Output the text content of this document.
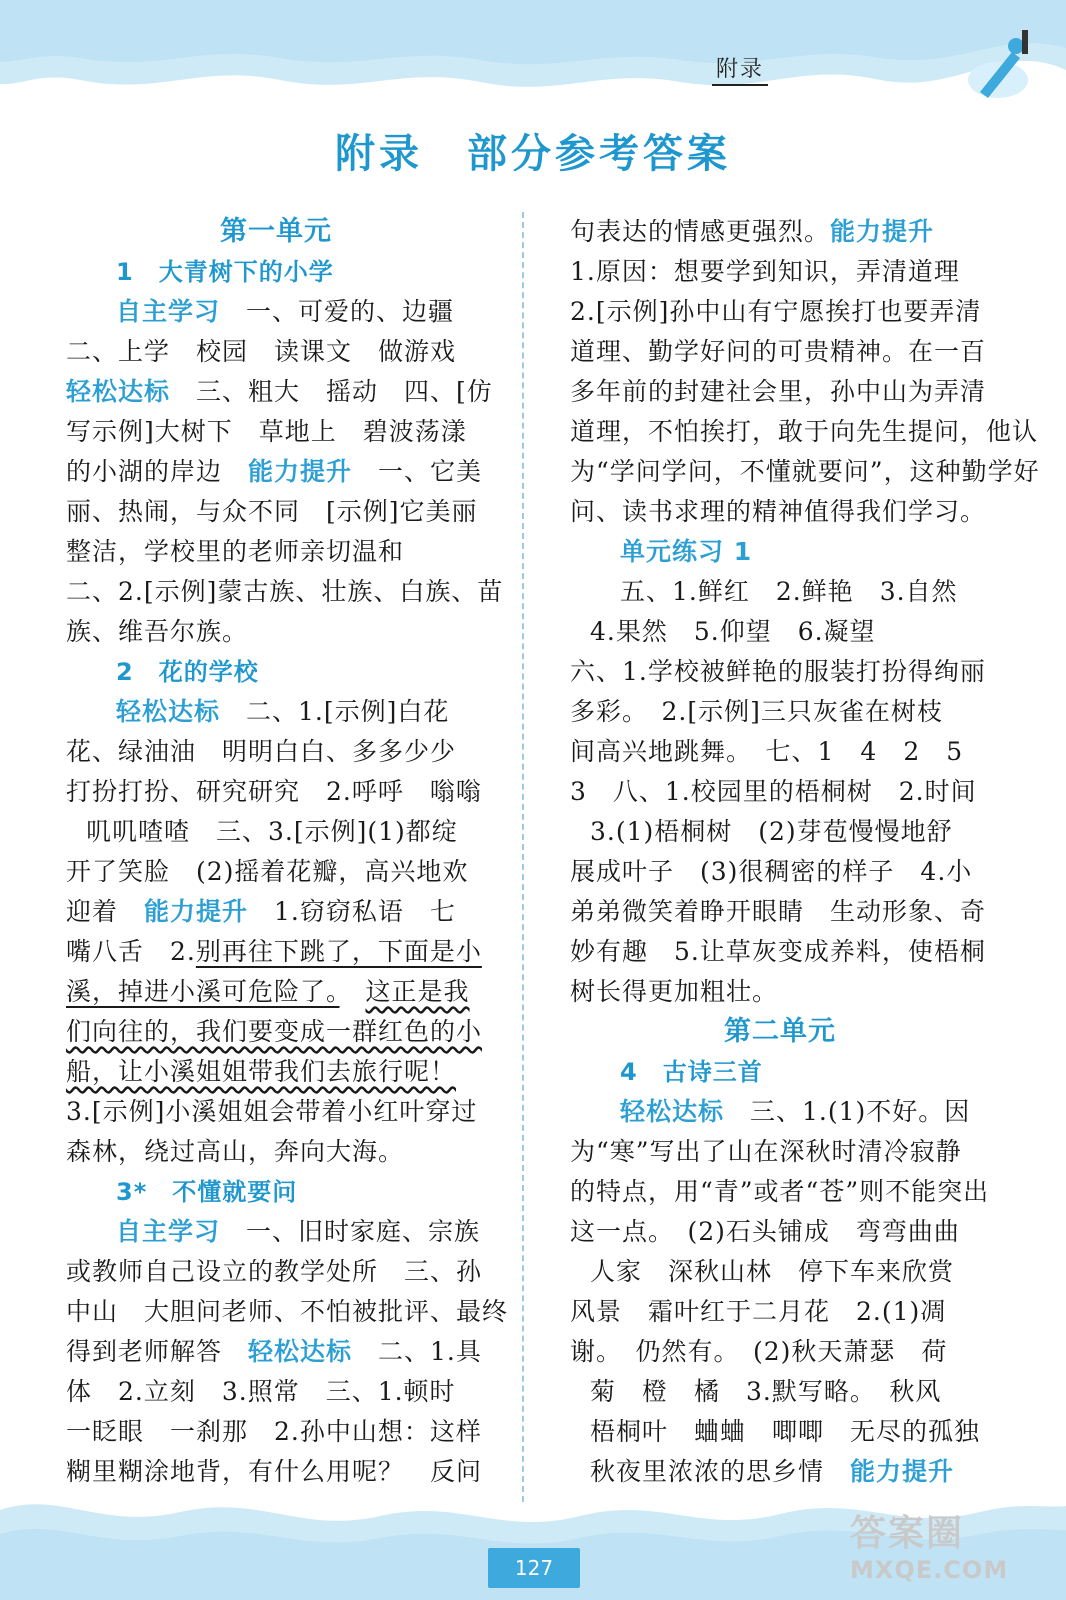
附录
附录　部分参考答案
第一单元
1　大青树下的小学
自主学习　一、可爱的、边疆
二、上学　校园　读课文　做游戏
轻松达标　三、粗大　摇动　四、[仿
写示例]大树下　草地上　碧波荡漾
的小湖的岸边　能力提升　一、它美
丽、热闹，与众不同　[示例]它美丽
整洁，学校里的老师亲切温和
二、2.[示例]蒙古族、壮族、白族、苗
族、维吾尔族。
2　花的学校
轻松达标　二、1.[示例]白花
花、绿油油　明明白白、多多少少
打扮打扮、研究研究　2.呼呼　嗡嗡
叽叽喳喳　三、3.[示例](1)都绽
开了笑脸　(2)摇着花瓣，高兴地欢
迎着　能力提升　1.窃窃私语　七
嘴八舌　2.别再往下跳了，下面是小
溪，掉进小溪可危险了。　 这正是我
们向往的，我们要变成一群红色的小
船，让小溪姐姐带我们去旅行呢！
3.[示例]小溪姐姐会带着小红叶穿过
森林，绕过高山，奔向大海。
3*　不懂就要问
自主学习　一、旧时家庭、宗族
或教师自己设立的教学处所　三、孙
中山　大胆问老师、不怕被批评、最终
得到老师解答　轻松达标　二、1.具
体　2.立刻　3.照常　三、1.顿时
一眨眼　一刹那　2.孙中山想：这样
糊里糊涂地背，有什么用呢？　反问
句表达的情感更强烈。能力提升
1.原因：想要学到知识，弄清道理
2.[示例]孙中山有宁愿挨打也要弄清
道理、勤学好问的可贵精神。在一百
多年前的封建社会里，孙中山为弄清
道理，不怕挨打，敢于向先生提问，他认
为“学问学问，不懂就要问”，这种勤学好
问、读书求理的精神值得我们学习。
单元练习 1
五、1.鲜红　2.鲜艳　3.自然
4.果然　5.仰望　6.凝望
六、1.学校被鲜艳的服装打扮得绚丽
多彩。　2.[示例]三只灰雀在树枝
间高兴地跳舞。　七、1　4　2　5
3　八、1.校园里的梧桐树　2.时间
3.(1)梧桐树　(2)芽苞慢慢地舒
展成叶子　(3)很稠密的样子　4.小
弟弟微笑着睁开眼睛　生动形象、奇
妙有趣　5.让草灰变成养料，使梧桐
树长得更加粗壮。
第二单元
4　古诗三首
轻松达标　三、1.(1)不好。因
为“寒”写出了山在深秋时清冷寂静
的特点，用“青”或者“苍”则不能突出
这一点。　(2)石头铺成　弯弯曲曲
人家　深秋山林　停下车来欣赏
风景　霜叶红于二月花　2.(1)凋
谢。　仍然有。　(2)秋天萧瑟　荷
菊　橙　橘　3.默写略。　秋风
梧桐叶　蛐蛐　唧唧　无尽的孤独
秋夜里浓浓的思乡情　能力提升
127
答案圈
MXQE.COM
